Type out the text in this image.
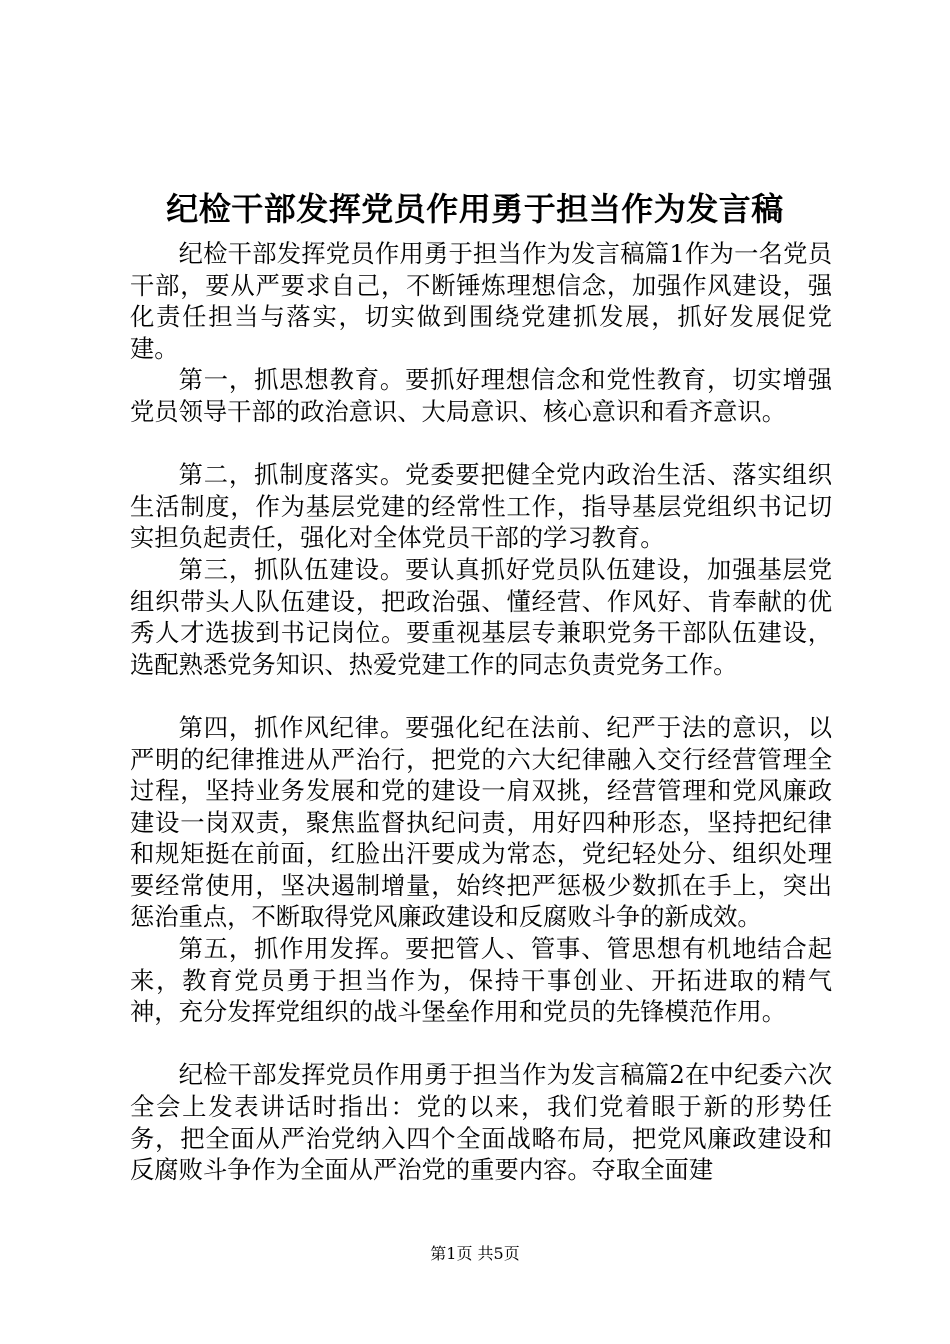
纪检干部发挥党员作用勇于担当作为发言稿

纪检干部发挥党员作用勇于担当作为发言稿篇1作为一名党员干部，要从严要求自己，不断锤炼理想信念，加强作风建设，强化责任担当与落实，切实做到围绕党建抓发展，抓好发展促党建。

第一，抓思想教育。要抓好理想信念和党性教育，切实增强党员领导干部的政治意识、大局意识、核心意识和看齐意识。

第二，抓制度落实。党委要把健全党内政治生活、落实组织生活制度，作为基层党建的经常性工作，指导基层党组织书记切实担负起责任，强化对全体党员干部的学习教育。

第三，抓队伍建设。要认真抓好党员队伍建设，加强基层党组织带头人队伍建设，把政治强、懂经营、作风好、肯奉献的优秀人才选拔到书记岗位。要重视基层专兼职党务干部队伍建设，选配熟悉党务知识、热爱党建工作的同志负责党务工作。

第四，抓作风纪律。要强化纪在法前、纪严于法的意识，以严明的纪律推进从严治行，把党的六大纪律融入交行经营管理全过程，坚持业务发展和党的建设一肩双挑，经营管理和党风廉政建设一岗双责，聚焦监督执纪问责，用好四种形态，坚持把纪律和规矩挺在前面，红脸出汗要成为常态，党纪轻处分、组织处理要经常使用，坚决遏制增量，始终把严惩极少数抓在手上，突出惩治重点，不断取得党风廉政建设和反腐败斗争的新成效。

第五，抓作用发挥。要把管人、管事、管思想有机地结合起来，教育党员勇于担当作为，保持干事创业、开拓进取的精气神，充分发挥党组织的战斗堡垒作用和党员的先锋模范作用。

纪检干部发挥党员作用勇于担当作为发言稿篇2在中纪委六次全会上发表讲话时指出：党的以来，我们党着眼于新的形势任务，把全面从严治党纳入四个全面战略布局，把党风廉政建设和反腐败斗争作为全面从严治党的重要内容。夺取全面建

第1页 共5页
